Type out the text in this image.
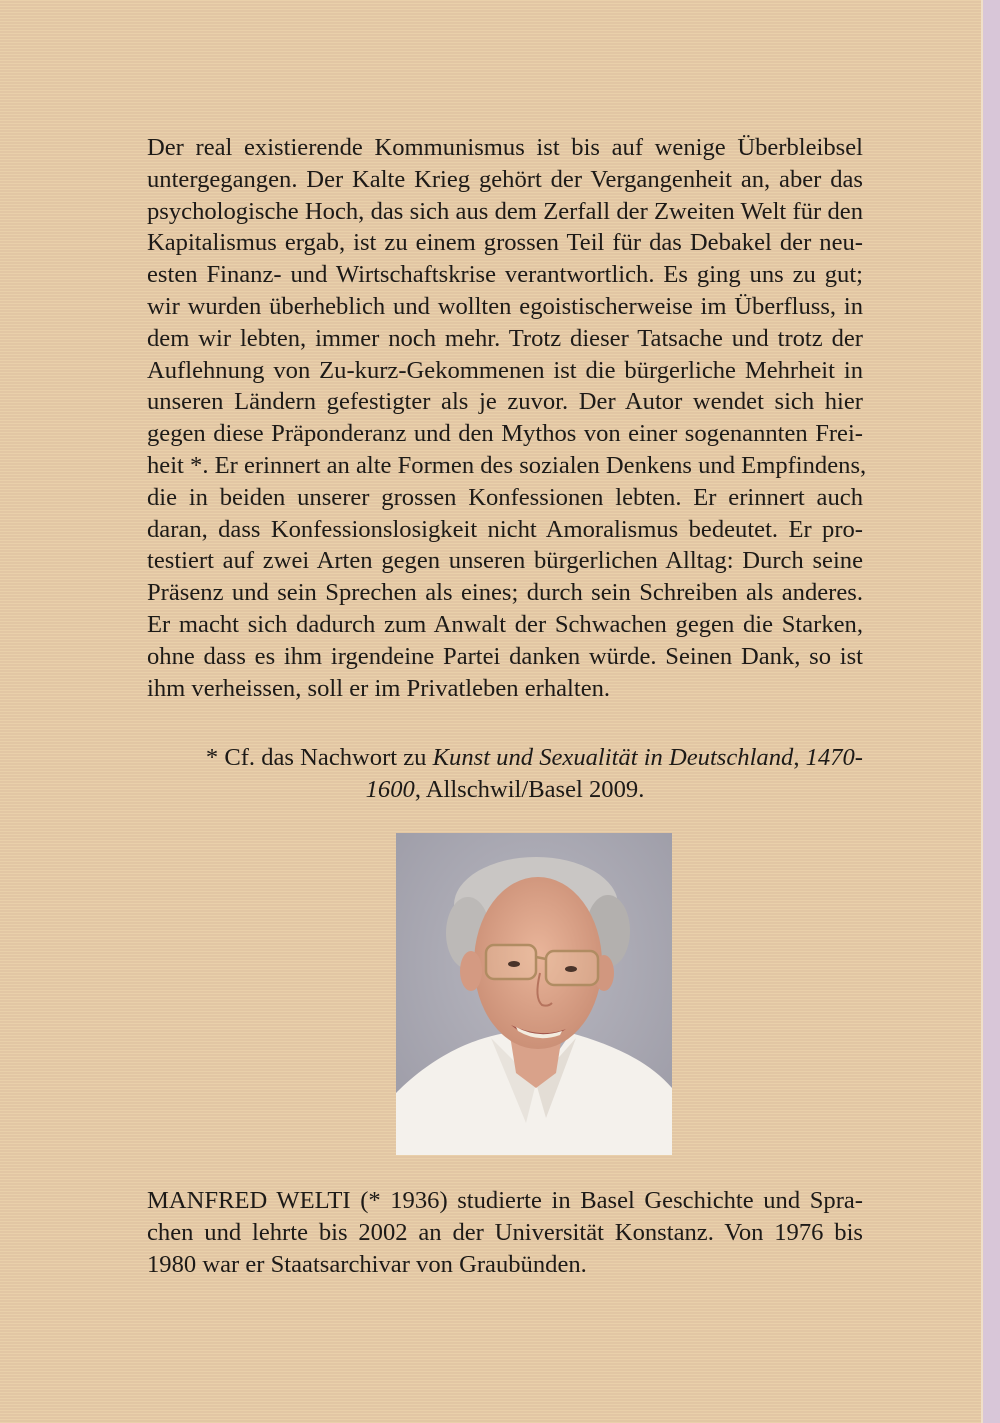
Der real existierende Kommunismus ist bis auf wenige Überbleibsel
untergegangen. Der Kalte Krieg gehört der Vergangenheit an, aber das
psychologische Hoch, das sich aus dem Zerfall der Zweiten Welt für den
Kapitalismus ergab, ist zu einem grossen Teil für das Debakel der neu-
esten Finanz- und Wirtschaftskrise verantwortlich. Es ging uns zu gut;
wir wurden überheblich und wollten egoistischerweise im Überfluss, in
dem wir lebten, immer noch mehr. Trotz dieser Tatsache und trotz der
Auflehnung von Zu-kurz-Gekommenen ist die bürgerliche Mehrheit in
unseren Ländern gefestigter als je zuvor. Der Autor wendet sich hier
gegen diese Präponderanz und den Mythos von einer sogenannten Frei-
heit *. Er erinnert an alte Formen des sozialen Denkens und Empfindens,
die in beiden unserer grossen Konfessionen lebten. Er erinnert auch
daran, dass Konfessionslosigkeit nicht Amoralismus bedeutet. Er pro-
testiert auf zwei Arten gegen unseren bürgerlichen Alltag: Durch seine
Präsenz und sein Sprechen als eines; durch sein Schreiben als anderes.
Er macht sich dadurch zum Anwalt der Schwachen gegen die Starken,
ohne dass es ihm irgendeine Partei danken würde. Seinen Dank, so ist
ihm verheissen, soll er im Privatleben erhalten.
* Cf. das Nachwort zu Kunst und Sexualität in Deutschland, 1470-
1600, Allschwil/Basel 2009.
MANFRED WELTI (* 1936) studierte in Basel Geschichte und Spra-
chen und lehrte bis 2002 an der Universität Konstanz. Von 1976 bis
1980 war er Staatsarchivar von Graubünden.
